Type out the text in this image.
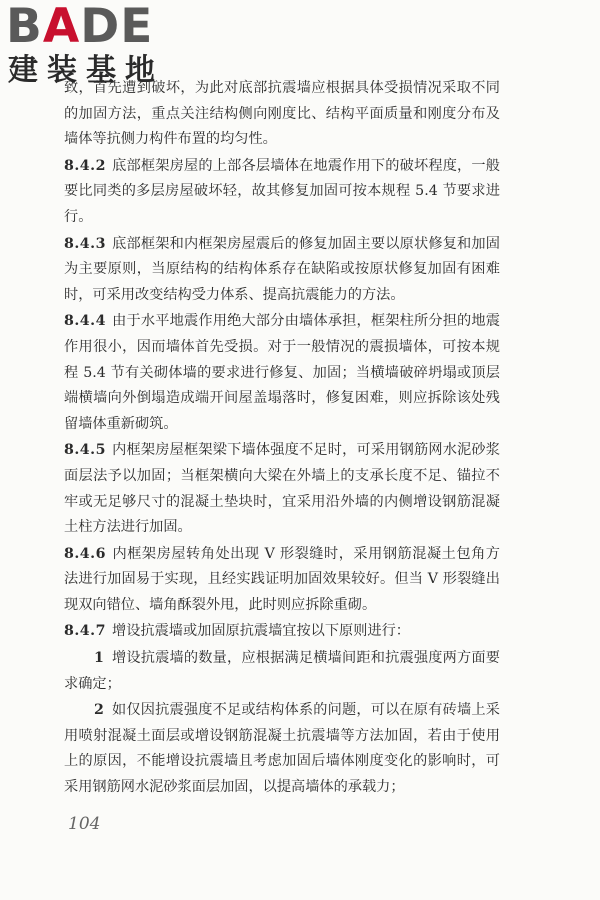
BADE
建装基地

致，首先遭到破坏，为此对底部抗震墙应根据具体受损情况采取不同的加固方法，重点关注结构侧向刚度比、结构平面质量和刚度分布及墙体等抗侧力构件布置的均匀性。

8.4.2 底部框架房屋的上部各层墙体在地震作用下的破坏程度，一般要比同类的多层房屋破坏轻，故其修复加固可按本规程 5.4 节要求进行。

8.4.3 底部框架和内框架房屋震后的修复加固主要以原状修复和加固为主要原则，当原结构的结构体系存在缺陷或按原状修复加固有困难时，可采用改变结构受力体系、提高抗震能力的方法。

8.4.4 由于水平地震作用绝大部分由墙体承担，框架柱所分担的地震作用很小，因而墙体首先受损。对于一般情况的震损墙体，可按本规程 5.4 节有关砌体墙的要求进行修复、加固；当横墙破碎坍塌或顶层端横墙向外倒塌造成端开间屋盖塌落时，修复困难，则应拆除该处残留墙体重新砌筑。

8.4.5 内框架房屋框架梁下墙体强度不足时，可采用钢筋网水泥砂浆面层法予以加固；当框架横向大梁在外墙上的支承长度不足、锚拉不牢或无足够尺寸的混凝土垫块时，宜采用沿外墙的内侧增设钢筋混凝土柱方法进行加固。

8.4.6 内框架房屋转角处出现 V 形裂缝时，采用钢筋混凝土包角方法进行加固易于实现，且经实践证明加固效果较好。但当 V 形裂缝出现双向错位、墙角酥裂外甩，此时则应拆除重砌。

8.4.7 增设抗震墙或加固原抗震墙宜按以下原则进行：

1 增设抗震墙的数量，应根据满足横墙间距和抗震强度两方面要求确定；

2 如仅因抗震强度不足或结构体系的问题，可以在原有砖墙上采用喷射混凝土面层或增设钢筋混凝土抗震墙等方法加固，若由于使用上的原因，不能增设抗震墙且考虑加固后墙体刚度变化的影响时，可采用钢筋网水泥砂浆面层加固，以提高墙体的承载力；

104
